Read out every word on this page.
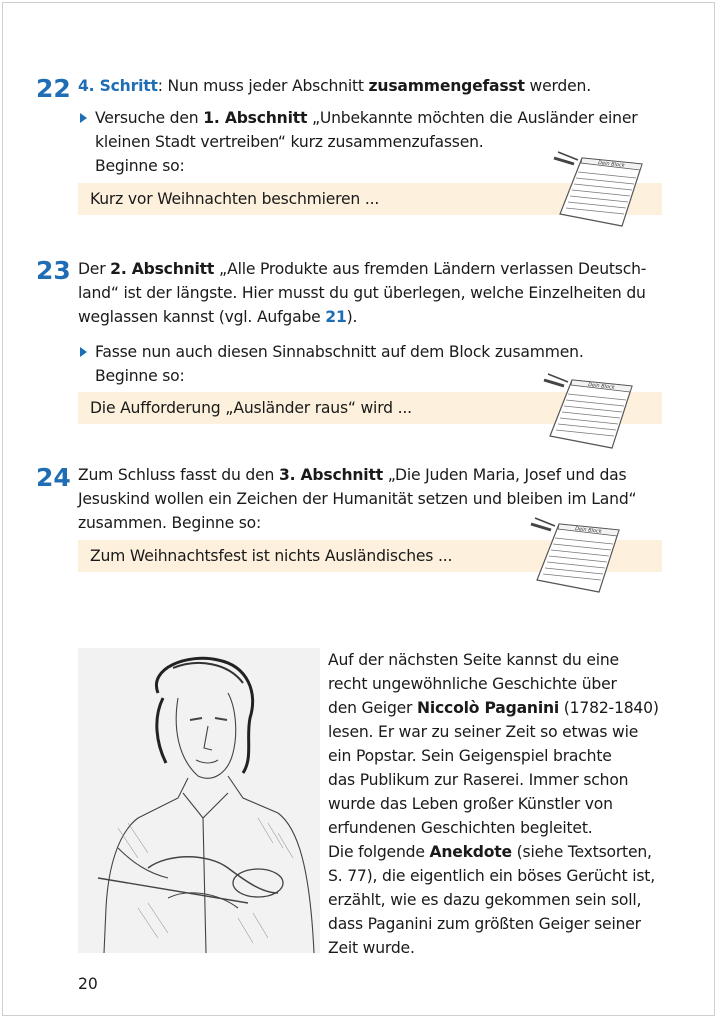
22 4. Schritt: Nun muss jeder Abschnitt zusammengefasst werden.
Versuche den 1. Abschnitt „Unbekannte möchten die Ausländer einer
kleinen Stadt vertreiben“ kurz zusammenzufassen.
Beginne so:
Kurz vor Weihnachten beschmieren ...
Dein Block
23 Der 2. Abschnitt „Alle Produkte aus fremden Ländern verlassen Deutsch-
land“ ist der längste. Hier musst du gut überlegen, welche Einzelheiten du
weglassen kannst (vgl. Aufgabe 21).
Fasse nun auch diesen Sinnabschnitt auf dem Block zusammen.
Beginne so:
Die Aufforderung „Ausländer raus“ wird ...
Dein Block
24 Zum Schluss fasst du den 3. Abschnitt „Die Juden Maria, Josef und das
Jesuskind wollen ein Zeichen der Humanität setzen und bleiben im Land“
zusammen. Beginne so:
Zum Weihnachtsfest ist nichts Ausländisches ...
Dein Block
Auf der nächsten Seite kannst du eine
recht ungewöhnliche Geschichte über
den Geiger Niccolò Paganini (1782-1840)
lesen. Er war zu seiner Zeit so etwas wie
ein Popstar. Sein Geigenspiel brachte
das Publikum zur Raserei. Immer schon
wurde das Leben großer Künstler von
erfundenen Geschichten begleitet.
Die folgende Anekdote (siehe Textsorten,
S. 77), die eigentlich ein böses Gerücht ist,
erzählt, wie es dazu gekommen sein soll,
dass Paganini zum größten Geiger seiner
Zeit wurde.
20
